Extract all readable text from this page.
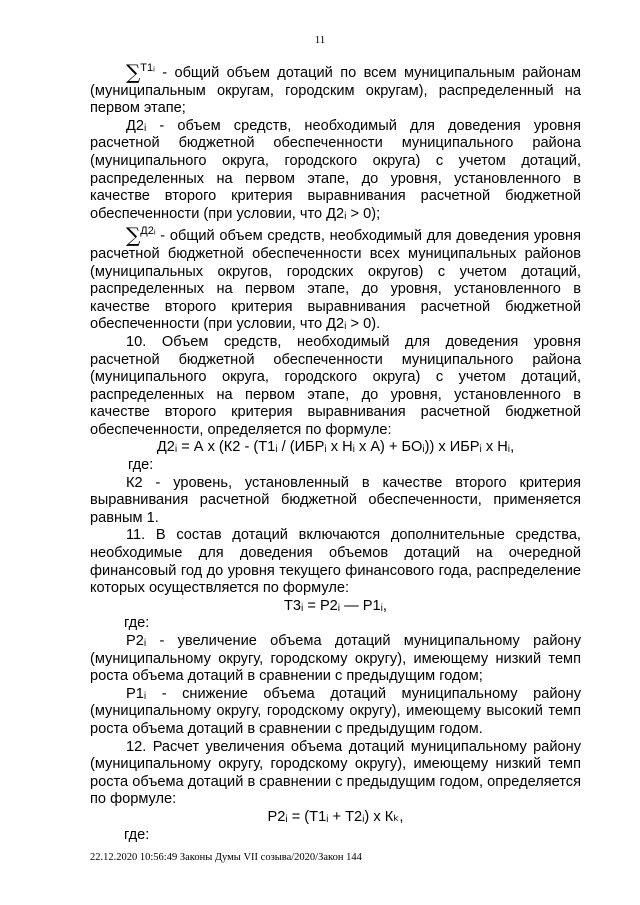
11

∑$^{T1ᵢ}$ - общий объем дотаций по всем муниципальным районам (муниципальным округам, городским округам), распределенный на первом этапе;

Д2ᵢ - объем средств, необходимый для доведения уровня расчетной бюджетной обеспеченности муниципального района (муниципального округа, городского округа) с учетом дотаций, распределенных на первом этапе, до уровня, установленного в качестве второго критерия выравнивания расчетной бюджетной обеспеченности (при условии, что Д2ᵢ > 0);

∑$^{Д2ᵢ}$ - общий объем средств, необходимый для доведения уровня расчетной бюджетной обеспеченности всех муниципальных районов (муниципальных округов, городских округов) с учетом дотаций, распределенных на первом этапе, до уровня, установленного в качестве второго критерия выравнивания расчетной бюджетной обеспеченности (при условии, что Д2ᵢ > 0).

10. Объем средств, необходимый для доведения уровня расчетной бюджетной обеспеченности муниципального района (муниципального округа, городского округа) с учетом дотаций, распределенных на первом этапе, до уровня, установленного в качестве второго критерия выравнивания расчетной бюджетной обеспеченности, определяется по формуле:

Д2ᵢ = А x (К2 - (Т1ᵢ / (ИБРᵢ x Нᵢ x А) + БОᵢ)) x ИБРᵢ x Нᵢ,

где:

К2 - уровень, установленный в качестве второго критерия выравнивания расчетной бюджетной обеспеченности, применяется равным 1.

11. В состав дотаций включаются дополнительные средства, необходимые для доведения объемов дотаций на очередной финансовый год до уровня текущего финансового года, распределение которых осуществляется по формуле:

Т3ᵢ = Р2ᵢ — Р1ᵢ,

где:

Р2ᵢ - увеличение объема дотаций муниципальному району (муниципальному округу, городскому округу), имеющему низкий темп роста объема дотаций в сравнении с предыдущим годом;

Р1ᵢ - снижение объема дотаций муниципальному району (муниципальному округу, городскому округу), имеющему высокий темп роста объема дотаций в сравнении с предыдущим годом.

12. Расчет увеличения объема дотаций муниципальному району (муниципальному округу, городскому округу), имеющему низкий темп роста объема дотаций в сравнении с предыдущим годом, определяется по формуле:

Р2ᵢ = (Т1ᵢ + Т2ᵢ) x Кₖ,

где:

22.12.2020 10:56:49 Законы Думы VII созыва/2020/Закон 144
